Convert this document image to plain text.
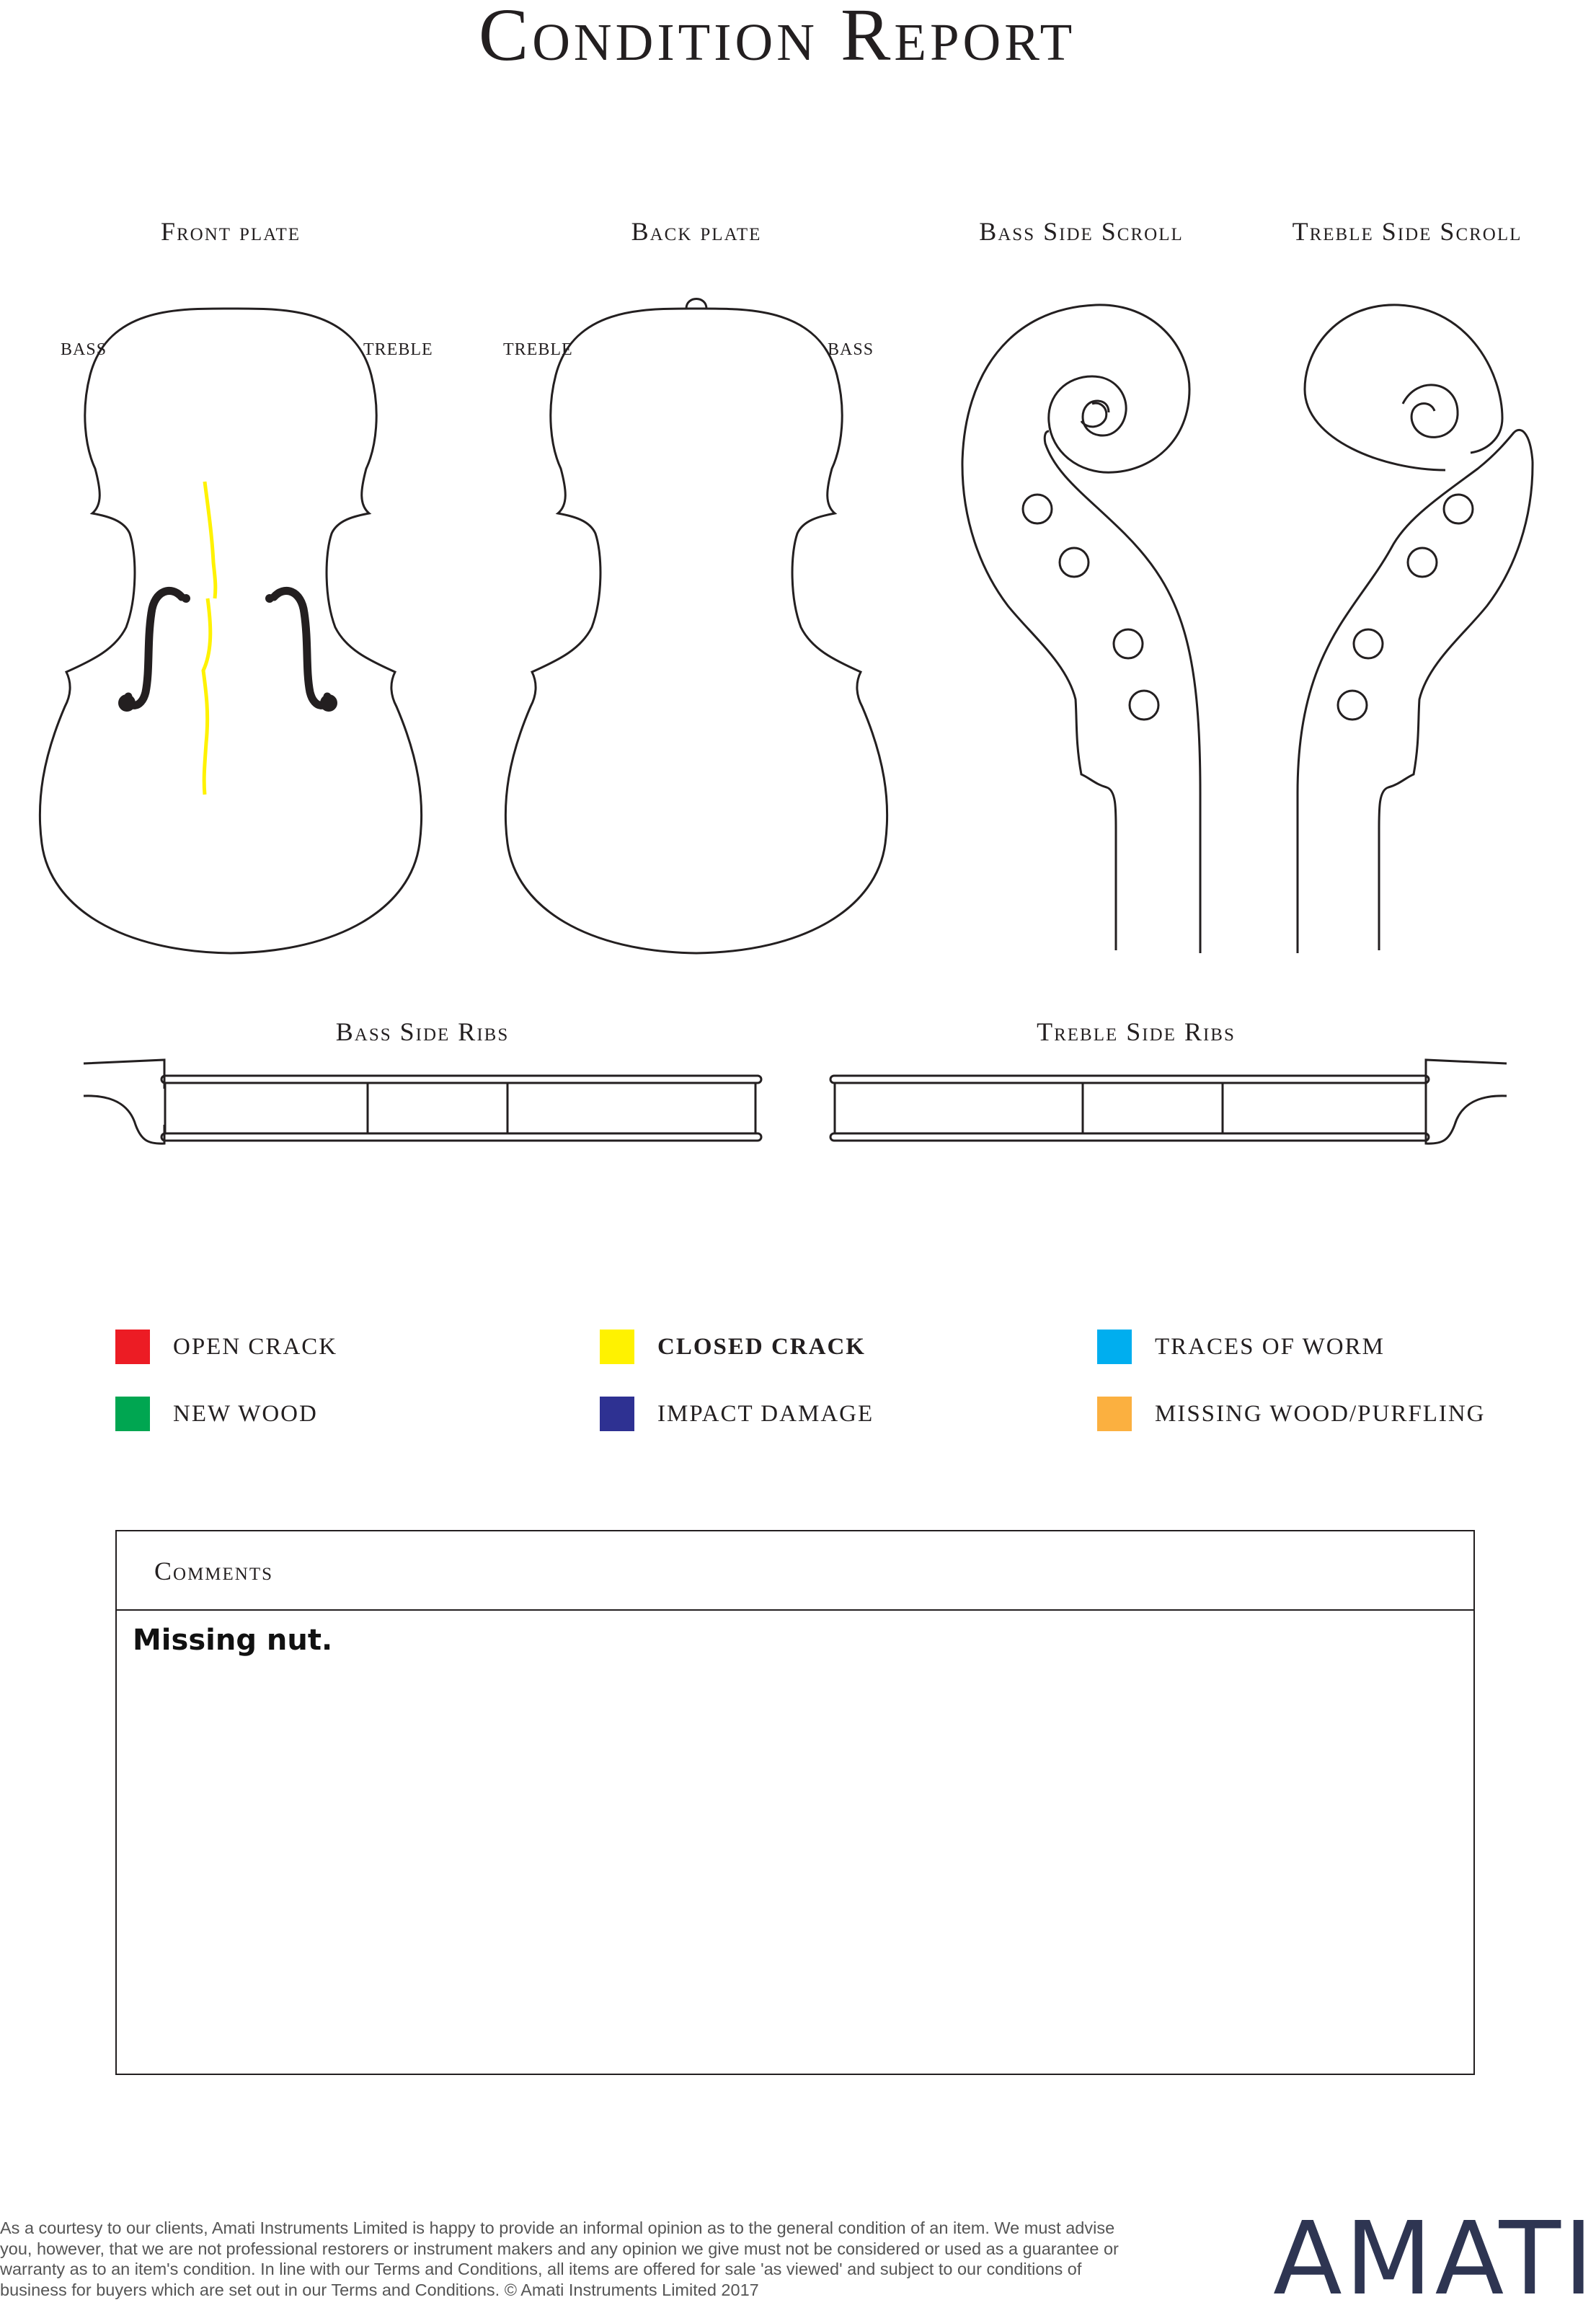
Condition Report
Front plate	Back plate	Bass Side Scroll	Treble Side Scroll
Bass Side Ribs	Treble Side Ribs
BASS	TREBLE	TREBLE	BASS
OPEN CRACK	CLOSED CRACK	TRACES OF WORM
NEW WOOD	IMPACT DAMAGE	MISSING WOOD/PURFLING
Comments
Missing nut.
As a courtesy to our clients, Amati Instruments Limited is happy to provide an informal opinion as to the general condition of an item. We must advise you, however, that we are not professional restorers or instrument makers and any opinion we give must not be considered or used as a guarantee or warranty as to an item's condition. In line with our Terms and Conditions, all items are offered for sale 'as viewed' and subject to our conditions of business for buyers which are set out in our Terms and Conditions. © Amati Instruments Limited 2017	AMATI
